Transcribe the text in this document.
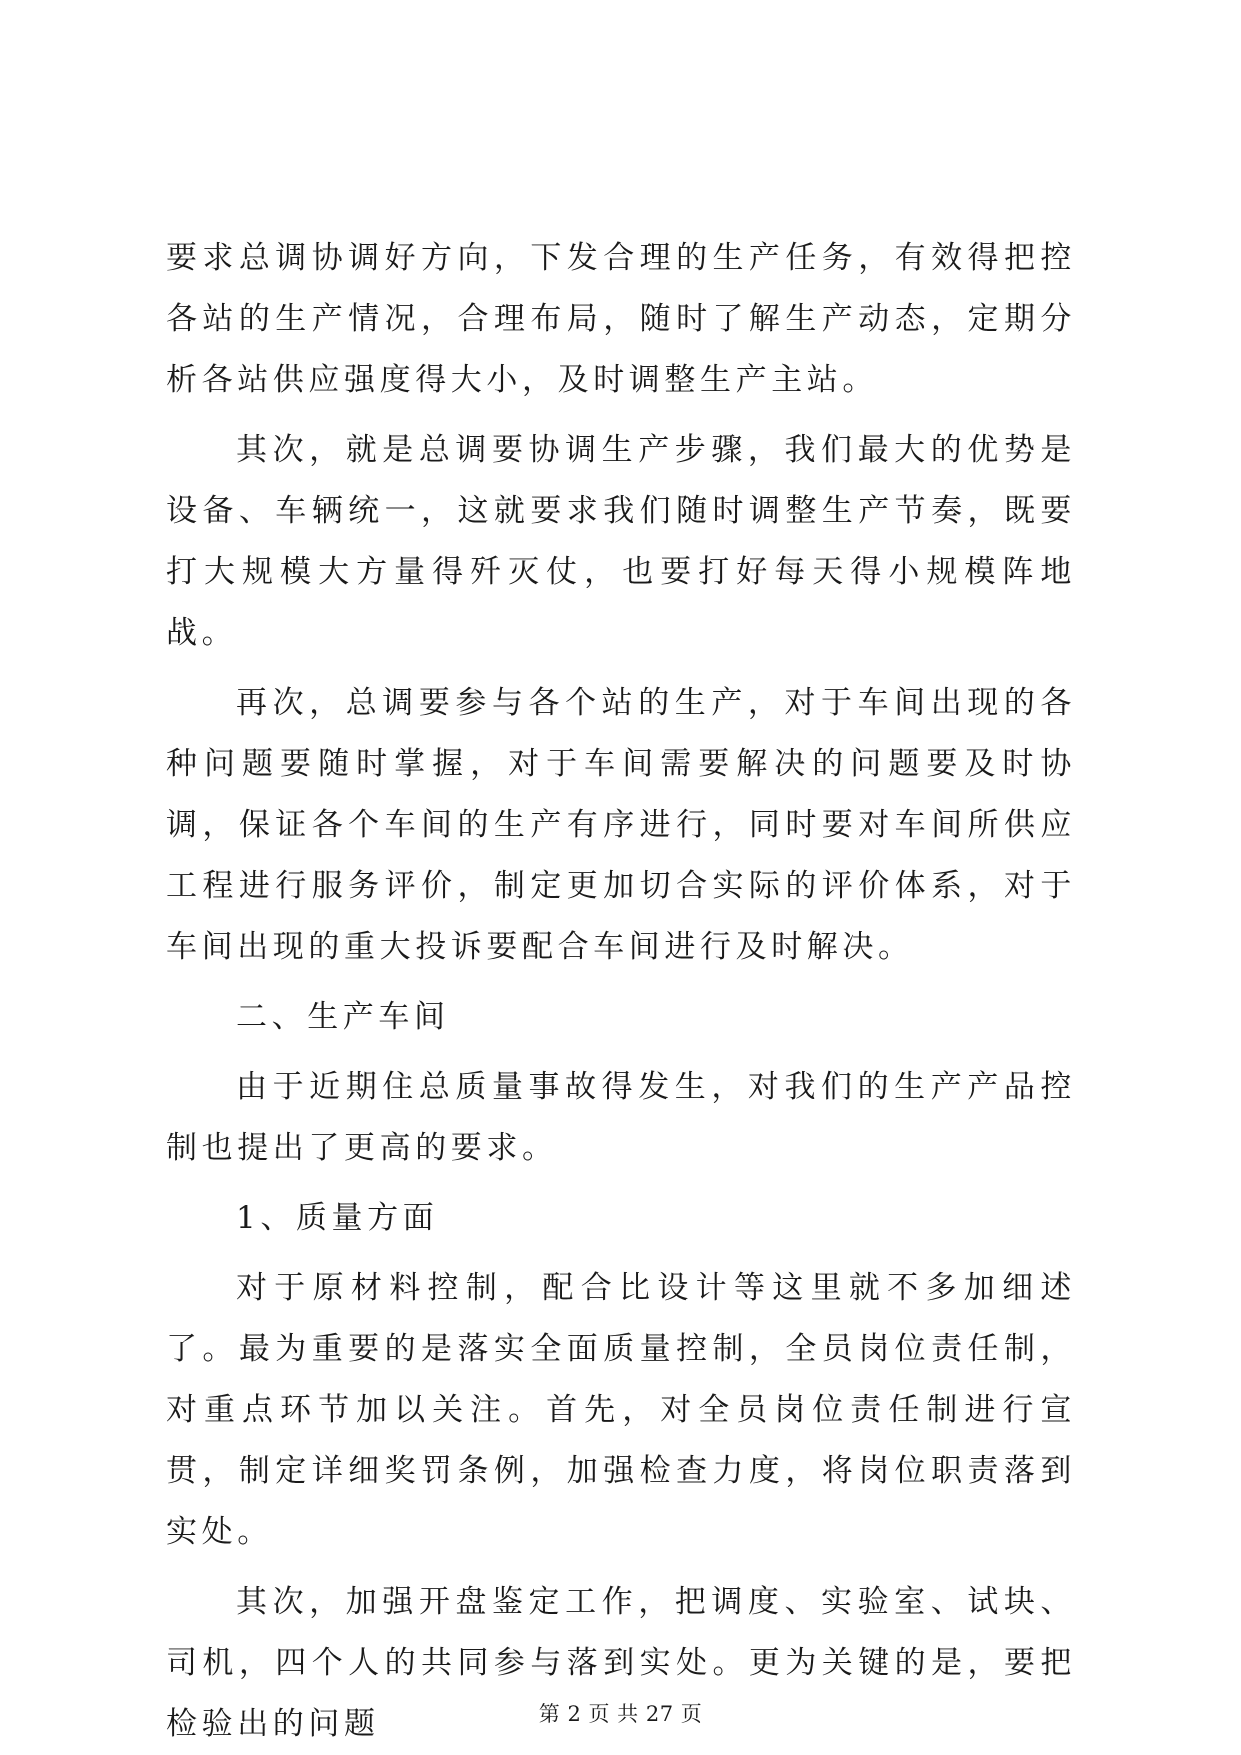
要求总调协调好方向，下发合理的生产任务，有效得把控各站的生产情况，合理布局，随时了解生产动态，定期分析各站供应强度得大小，及时调整生产主站。

其次，就是总调要协调生产步骤，我们最大的优势是设备、车辆统一，这就要求我们随时调整生产节奏，既要打大规模大方量得歼灭仗，也要打好每天得小规模阵地战。

再次，总调要参与各个站的生产，对于车间出现的各种问题要随时掌握，对于车间需要解决的问题要及时协调，保证各个车间的生产有序进行，同时要对车间所供应工程进行服务评价，制定更加切合实际的评价体系，对于车间出现的重大投诉要配合车间进行及时解决。

二、生产车间

由于近期住总质量事故得发生，对我们的生产产品控制也提出了更高的要求。

1、质量方面

对于原材料控制，配合比设计等这里就不多加细述了。最为重要的是落实全面质量控制，全员岗位责任制，对重点环节加以关注。首先，对全员岗位责任制进行宣贯，制定详细奖罚条例，加强检查力度，将岗位职责落到实处。

其次，加强开盘鉴定工作，把调度、实验室、试块、司机，四个人的共同参与落到实处。更为关键的是，要把检验出的问题	第 2 页 共 27 页
